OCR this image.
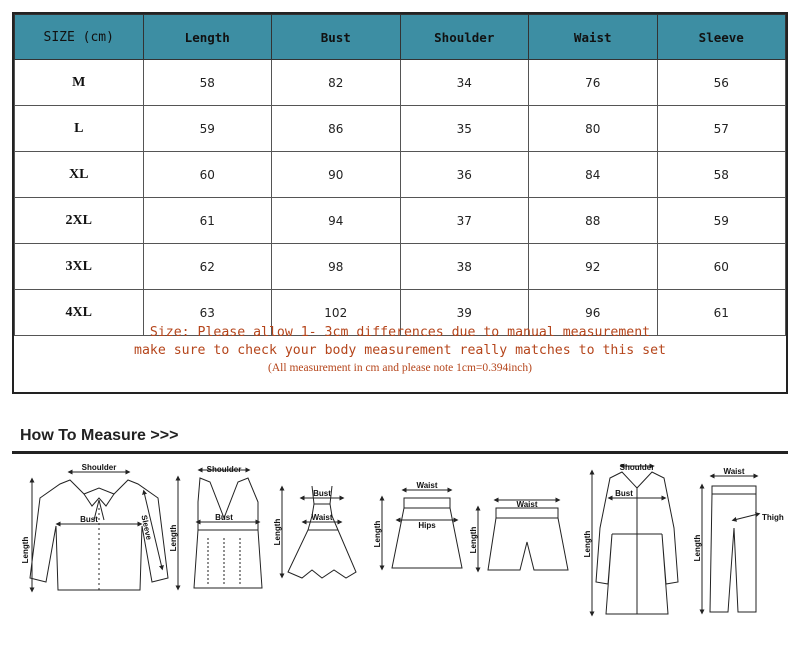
SIZE (cm)	Length	Bust	Shoulder	Waist	Sleeve
M	58	82	34	76	56
L	59	86	35	80	57
XL	60	90	36	84	58
2XL	61	94	37	88	59
3XL	62	98	38	92	60
4XL	63	102	39	96	61
Size: Please allow 1- 3cm differences due to manual measurement
make sure to check your body measurement really matches to this set
(All measurement in cm and please note 1cm=0.394inch)
How To Measure >>>
Shoulder
Bust
Length
Sleeve
Shoulder
Bust
Length
Bust
Waist
Length
Waist
Hips
Length
Waist
Length
Shoulder
Bust
Length
Waist
Thigh
Length
